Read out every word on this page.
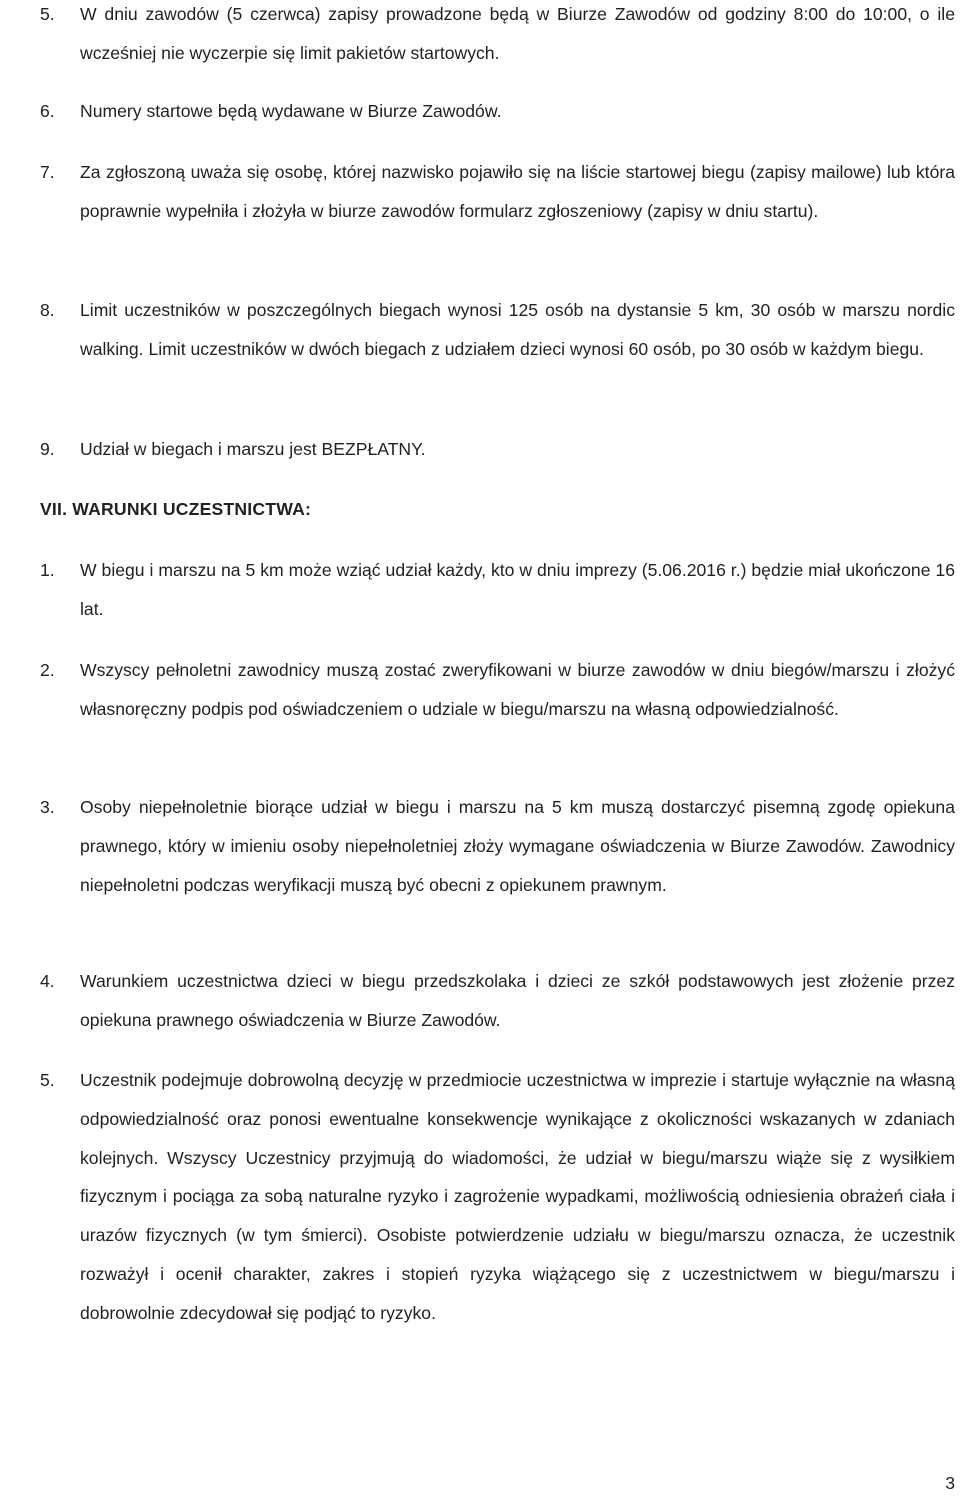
5. W dniu zawodów (5 czerwca) zapisy prowadzone będą w Biurze Zawodów od godziny 8:00 do 10:00, o ile wcześniej nie wyczerpie się limit pakietów startowych.
6. Numery startowe będą wydawane w Biurze Zawodów.
7. Za zgłoszoną uważa się osobę, której nazwisko pojawiło się na liście startowej biegu (zapisy mailowe) lub która poprawnie wypełniła i złożyła w biurze zawodów formularz zgłoszeniowy (zapisy w dniu startu).
8. Limit uczestników w poszczególnych biegach wynosi 125 osób na dystansie 5 km, 30 osób w marszu nordic walking. Limit uczestników w dwóch biegach z udziałem dzieci wynosi 60 osób, po 30 osób w każdym biegu.
9. Udział w biegach i marszu jest BEZPŁATNY.
VII. WARUNKI UCZESTNICTWA:
1. W biegu i marszu na 5 km może wziąć udział każdy, kto w dniu imprezy (5.06.2016 r.) będzie miał ukończone 16 lat.
2. Wszyscy pełnoletni zawodnicy muszą zostać zweryfikowani w biurze zawodów w dniu biegów/marszu i złożyć własnoręczny podpis pod oświadczeniem o udziale w biegu/marszu na własną odpowiedzialność.
3. Osoby niepełnoletnie biorące udział w biegu i marszu na 5 km muszą dostarczyć pisemną zgodę opiekuna prawnego, który w imieniu osoby niepełnoletniej złoży wymagane oświadczenia w Biurze Zawodów. Zawodnicy niepełnoletni podczas weryfikacji muszą być obecni z opiekunem prawnym.
4. Warunkiem uczestnictwa dzieci w biegu przedszkolaka i dzieci ze szkół podstawowych jest złożenie przez opiekuna prawnego oświadczenia w Biurze Zawodów.
5. Uczestnik podejmuje dobrowolną decyzję w przedmiocie uczestnictwa w imprezie i startuje wyłącznie na własną odpowiedzialność oraz ponosi ewentualne konsekwencje wynikające z okoliczności wskazanych w zdaniach kolejnych. Wszyscy Uczestnicy przyjmują do wiadomości, że udział w biegu/marszu wiąże się z wysiłkiem fizycznym i pociąga za sobą naturalne ryzyko i zagrożenie wypadkami, możliwością odniesienia obrażeń ciała i urazów fizycznych (w tym śmierci). Osobiste potwierdzenie udziału w biegu/marszu oznacza, że uczestnik rozważył i ocenił charakter, zakres i stopień ryzyka wiążącego się z uczestnictwem w biegu/marszu i dobrowolnie zdecydował się podjąć to ryzyko.
3
